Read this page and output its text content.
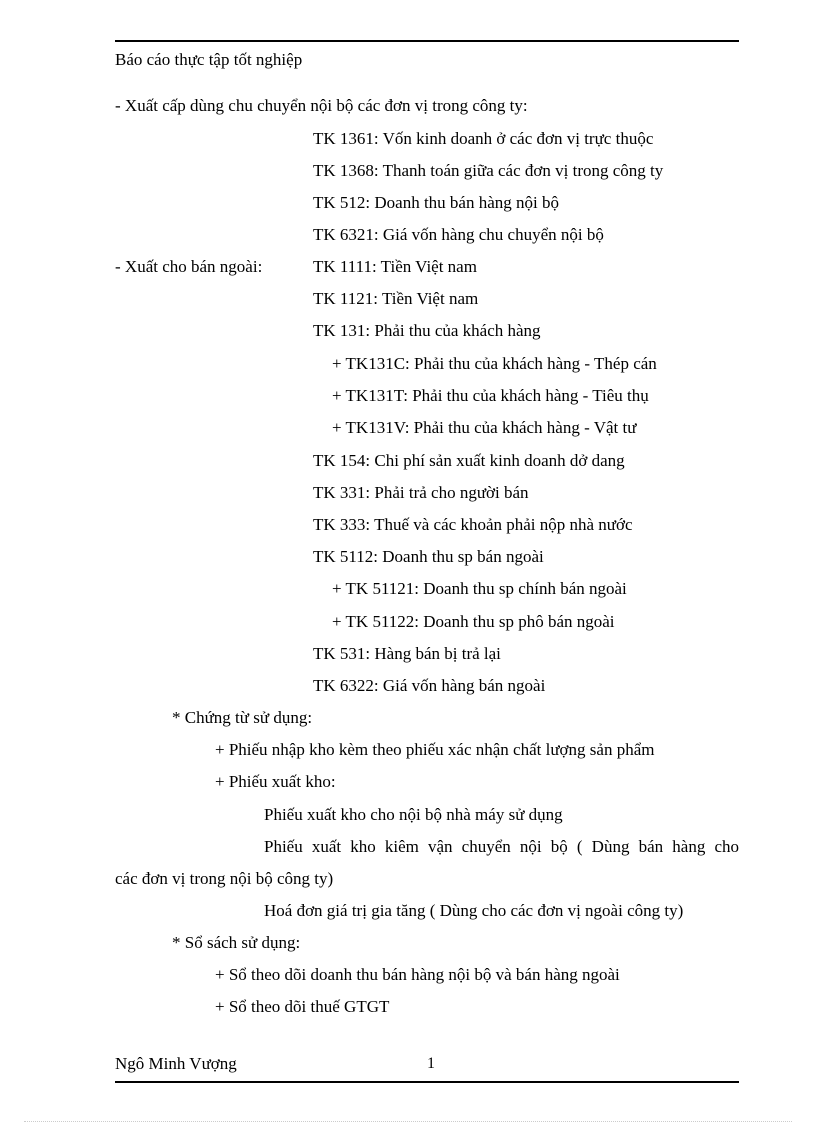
Báo cáo thực tập tốt nghiệp
- Xuất cấp dùng chu chuyển nội bộ các đơn vị trong công ty:
TK 1361: Vốn kinh doanh ở các đơn vị trực thuộc
TK 1368: Thanh toán giữa các đơn vị trong công ty
TK 512: Doanh thu bán hàng nội bộ
TK 6321: Giá vốn hàng chu chuyển nội bộ
- Xuất cho bán ngoài:	TK 1111: Tiền Việt nam
TK 1121: Tiền Việt nam
TK 131: Phải thu của khách hàng
+ TK131C: Phải thu của khách hàng - Thép cán
+ TK131T: Phải thu của khách hàng - Tiêu thụ
+ TK131V: Phải thu của khách hàng - Vật tư
TK 154: Chi phí sản xuất kinh doanh dở dang
TK 331: Phải trả cho người bán
TK 333: Thuế và các khoản phải nộp nhà nước
TK 5112: Doanh thu sp bán ngoài
+ TK 51121: Doanh thu sp chính bán ngoài
+ TK 51122: Doanh thu sp phô bán ngoài
TK 531: Hàng bán bị trả lại
TK 6322: Giá vốn hàng bán ngoài
* Chứng từ sử dụng:
+ Phiếu nhập kho kèm theo phiếu xác nhận chất lượng sản phẩm
+ Phiếu xuất kho:
Phiếu xuất kho cho nội bộ nhà máy sử dụng
Phiếu xuất kho kiêm vận chuyển nội bộ ( Dùng bán hàng cho
các đơn vị trong nội bộ công ty)
Hoá đơn giá trị gia tăng ( Dùng cho các đơn vị ngoài công ty)
* Sổ sách sử dụng:
+ Sổ theo dõi doanh thu bán hàng nội bộ và bán hàng ngoài
+ Sổ theo dõi thuế GTGT
Ngô Minh Vượng	1
